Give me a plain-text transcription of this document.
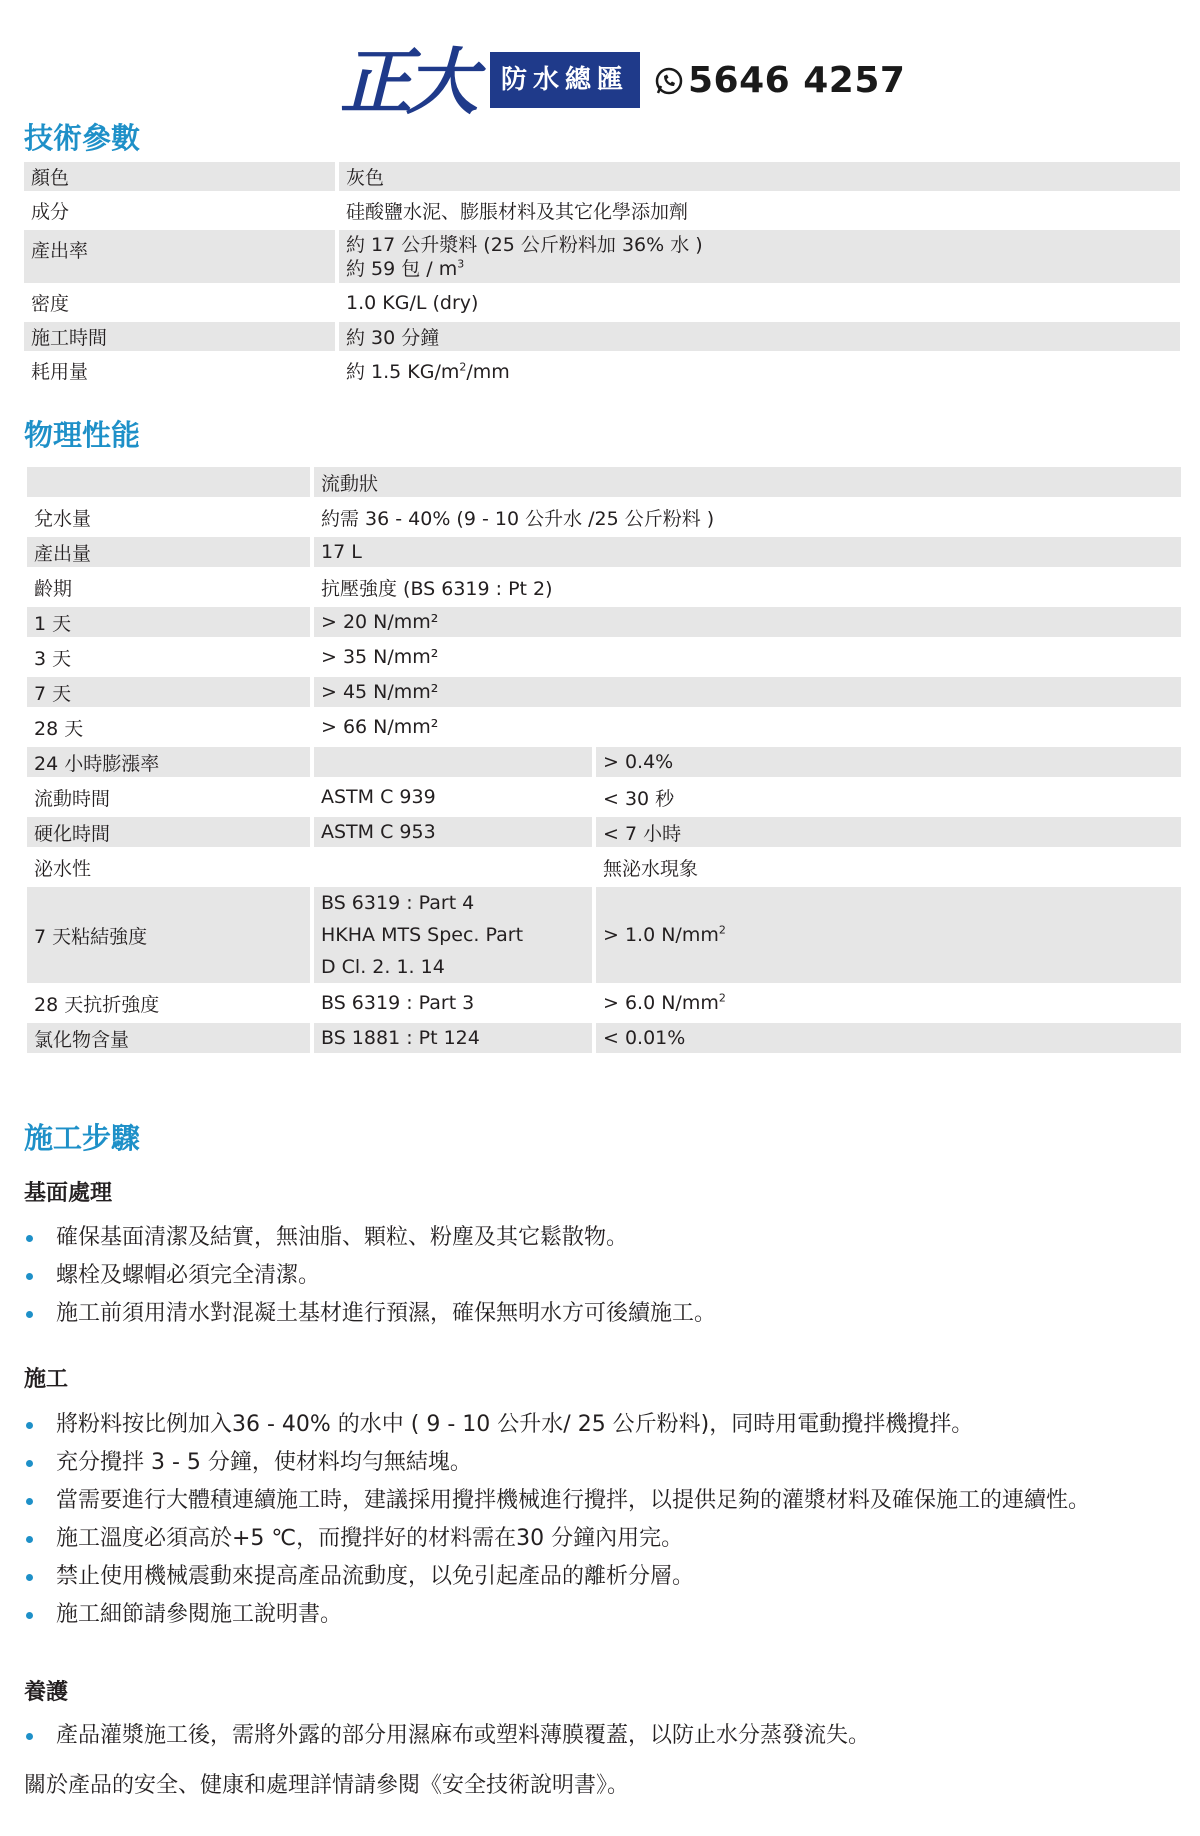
正大	防水總匯	5646 4257
技術參數
顏色	灰色
成分	硅酸鹽水泥、膨脹材料及其它化學添加劑
產出率	約 17 公升漿料 (25 公斤粉料加 36% 水 )
約 59 包 / $m^3$

密度	1.0 KG/L (dry)
施工時間	約 30 分鐘
耗用量	約 1.5 $KG/m^2/mm$
物理性能
	流動狀	
兌水量	約需 36 - 40% (9 - 10 公升水 /25 公斤粉料 )	
產出量	17 L	
齡期	抗壓強度 (BS 6319 : Pt 2)	
1 天	> 20 N/mm²	
3 天	> 35 N/mm²	
7 天	> 45 N/mm²	
28 天	> 66 N/mm²	
24 小時膨漲率		> 0.4%
流動時間	ASTM C 939	< 30 秒
硬化時間	ASTM C 953	< 7 小時
泌水性		無泌水現象
7 天粘結強度	BS 6319 : Part 4
HKHA MTS Spec. Part
D Cl. 2. 1. 14	> 1.0 $N/mm^2$
28 天抗折強度	BS 6319 : Part 3	> 6.0 $N/mm^2$
氯化物含量	BS 1881 : Pt 124	< 0.01%
施工步驟
基面處理
確保基面清潔及結實，無油脂、顆粒、粉塵及其它鬆散物。
螺栓及螺帽必須完全清潔。
施工前須用清水對混凝土基材進行預濕，確保無明水方可後續施工。
施工
將粉料按比例加入36 - 40% 的水中 ( 9 - 10 公升水/ 25 公斤粉料)，同時用電動攪拌機攪拌。
充分攪拌 3 - 5 分鐘，使材料均勻無結塊。
當需要進行大體積連續施工時，建議採用攪拌機械進行攪拌，以提供足夠的灌漿材料及確保施工的連續性。
施工溫度必須高於+5 ℃，而攪拌好的材料需在30 分鐘內用完。
禁止使用機械震動來提高產品流動度，以免引起產品的離析分層。
施工細節請參閱施工說明書。
養護
產品灌漿施工後，需將外露的部分用濕麻布或塑料薄膜覆蓋，以防止水分蒸發流失。
關於產品的安全、健康和處理詳情請參閱《安全技術說明書》。
